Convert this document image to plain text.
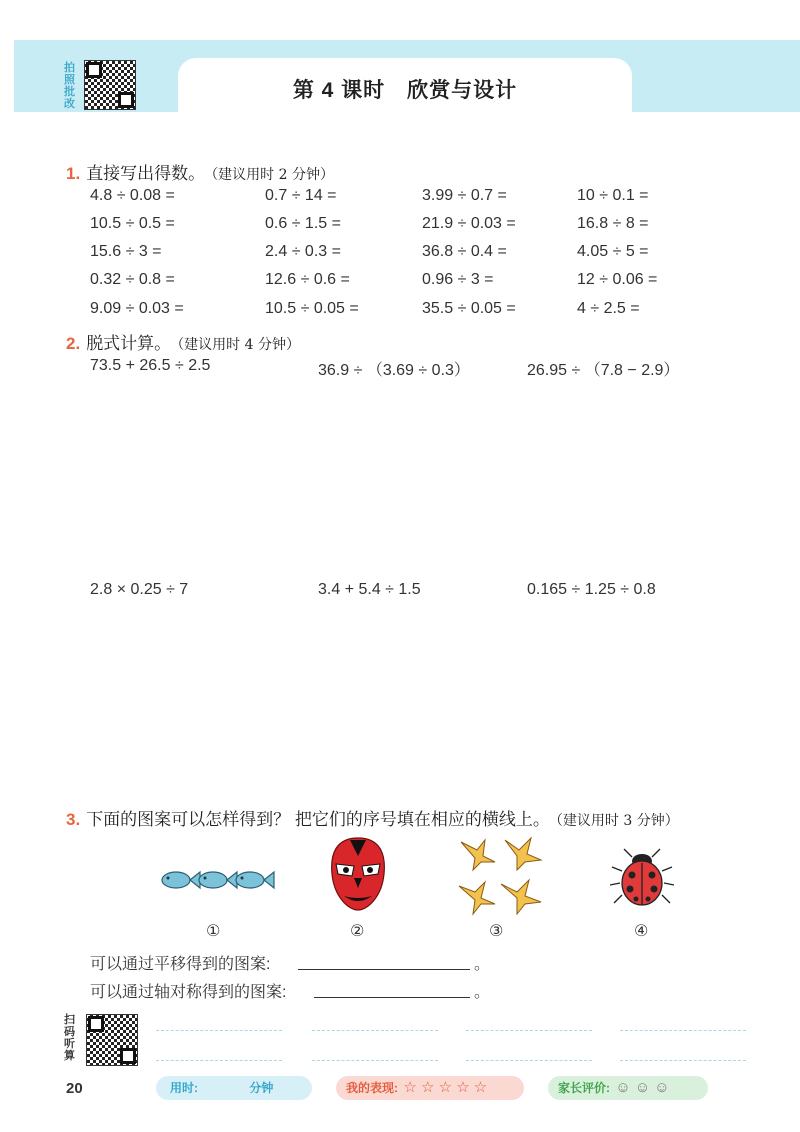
第 4 课时　欣赏与设计
拍照批改
1. 直接写出得数。 （建议用时 2 分钟）
4.8 ÷ 0.08 =	0.7 ÷ 14 =	3.99 ÷ 0.7 =	10 ÷ 0.1 =
10.5 ÷ 0.5 =	0.6 ÷ 1.5 =	21.9 ÷ 0.03 =	16.8 ÷ 8 =
15.6 ÷ 3 =	2.4 ÷ 0.3 =	36.8 ÷ 0.4 =	4.05 ÷ 5 =
0.32 ÷ 0.8 =	12.6 ÷ 0.6 =	0.96 ÷ 3 =	12 ÷ 0.06 =
9.09 ÷ 0.03 =	10.5 ÷ 0.05 =	35.5 ÷ 0.05 =	4 ÷ 2.5 =
2. 脱式计算。 （建议用时 4 分钟）
73.5 + 26.5 ÷ 2.5	36.9 ÷ （3.69 ÷ 0.3）	26.95 ÷ （7.8 − 2.9）
2.8 × 0.25 ÷ 7	3.4 + 5.4 ÷ 1.5	0.165 ÷ 1.25 ÷ 0.8
3. 下面的图案可以怎样得到？ 把它们的序号填在相应的横线上。 （建议用时 3 分钟）
①	②	③	④
可以通过平移得到的图案:	。
可以通过轴对称得到的图案:	。
扫码听算
20	用时:	分钟	我的表现: ☆ ☆ ☆ ☆ ☆	家长评价: ☺ ☺ ☺
